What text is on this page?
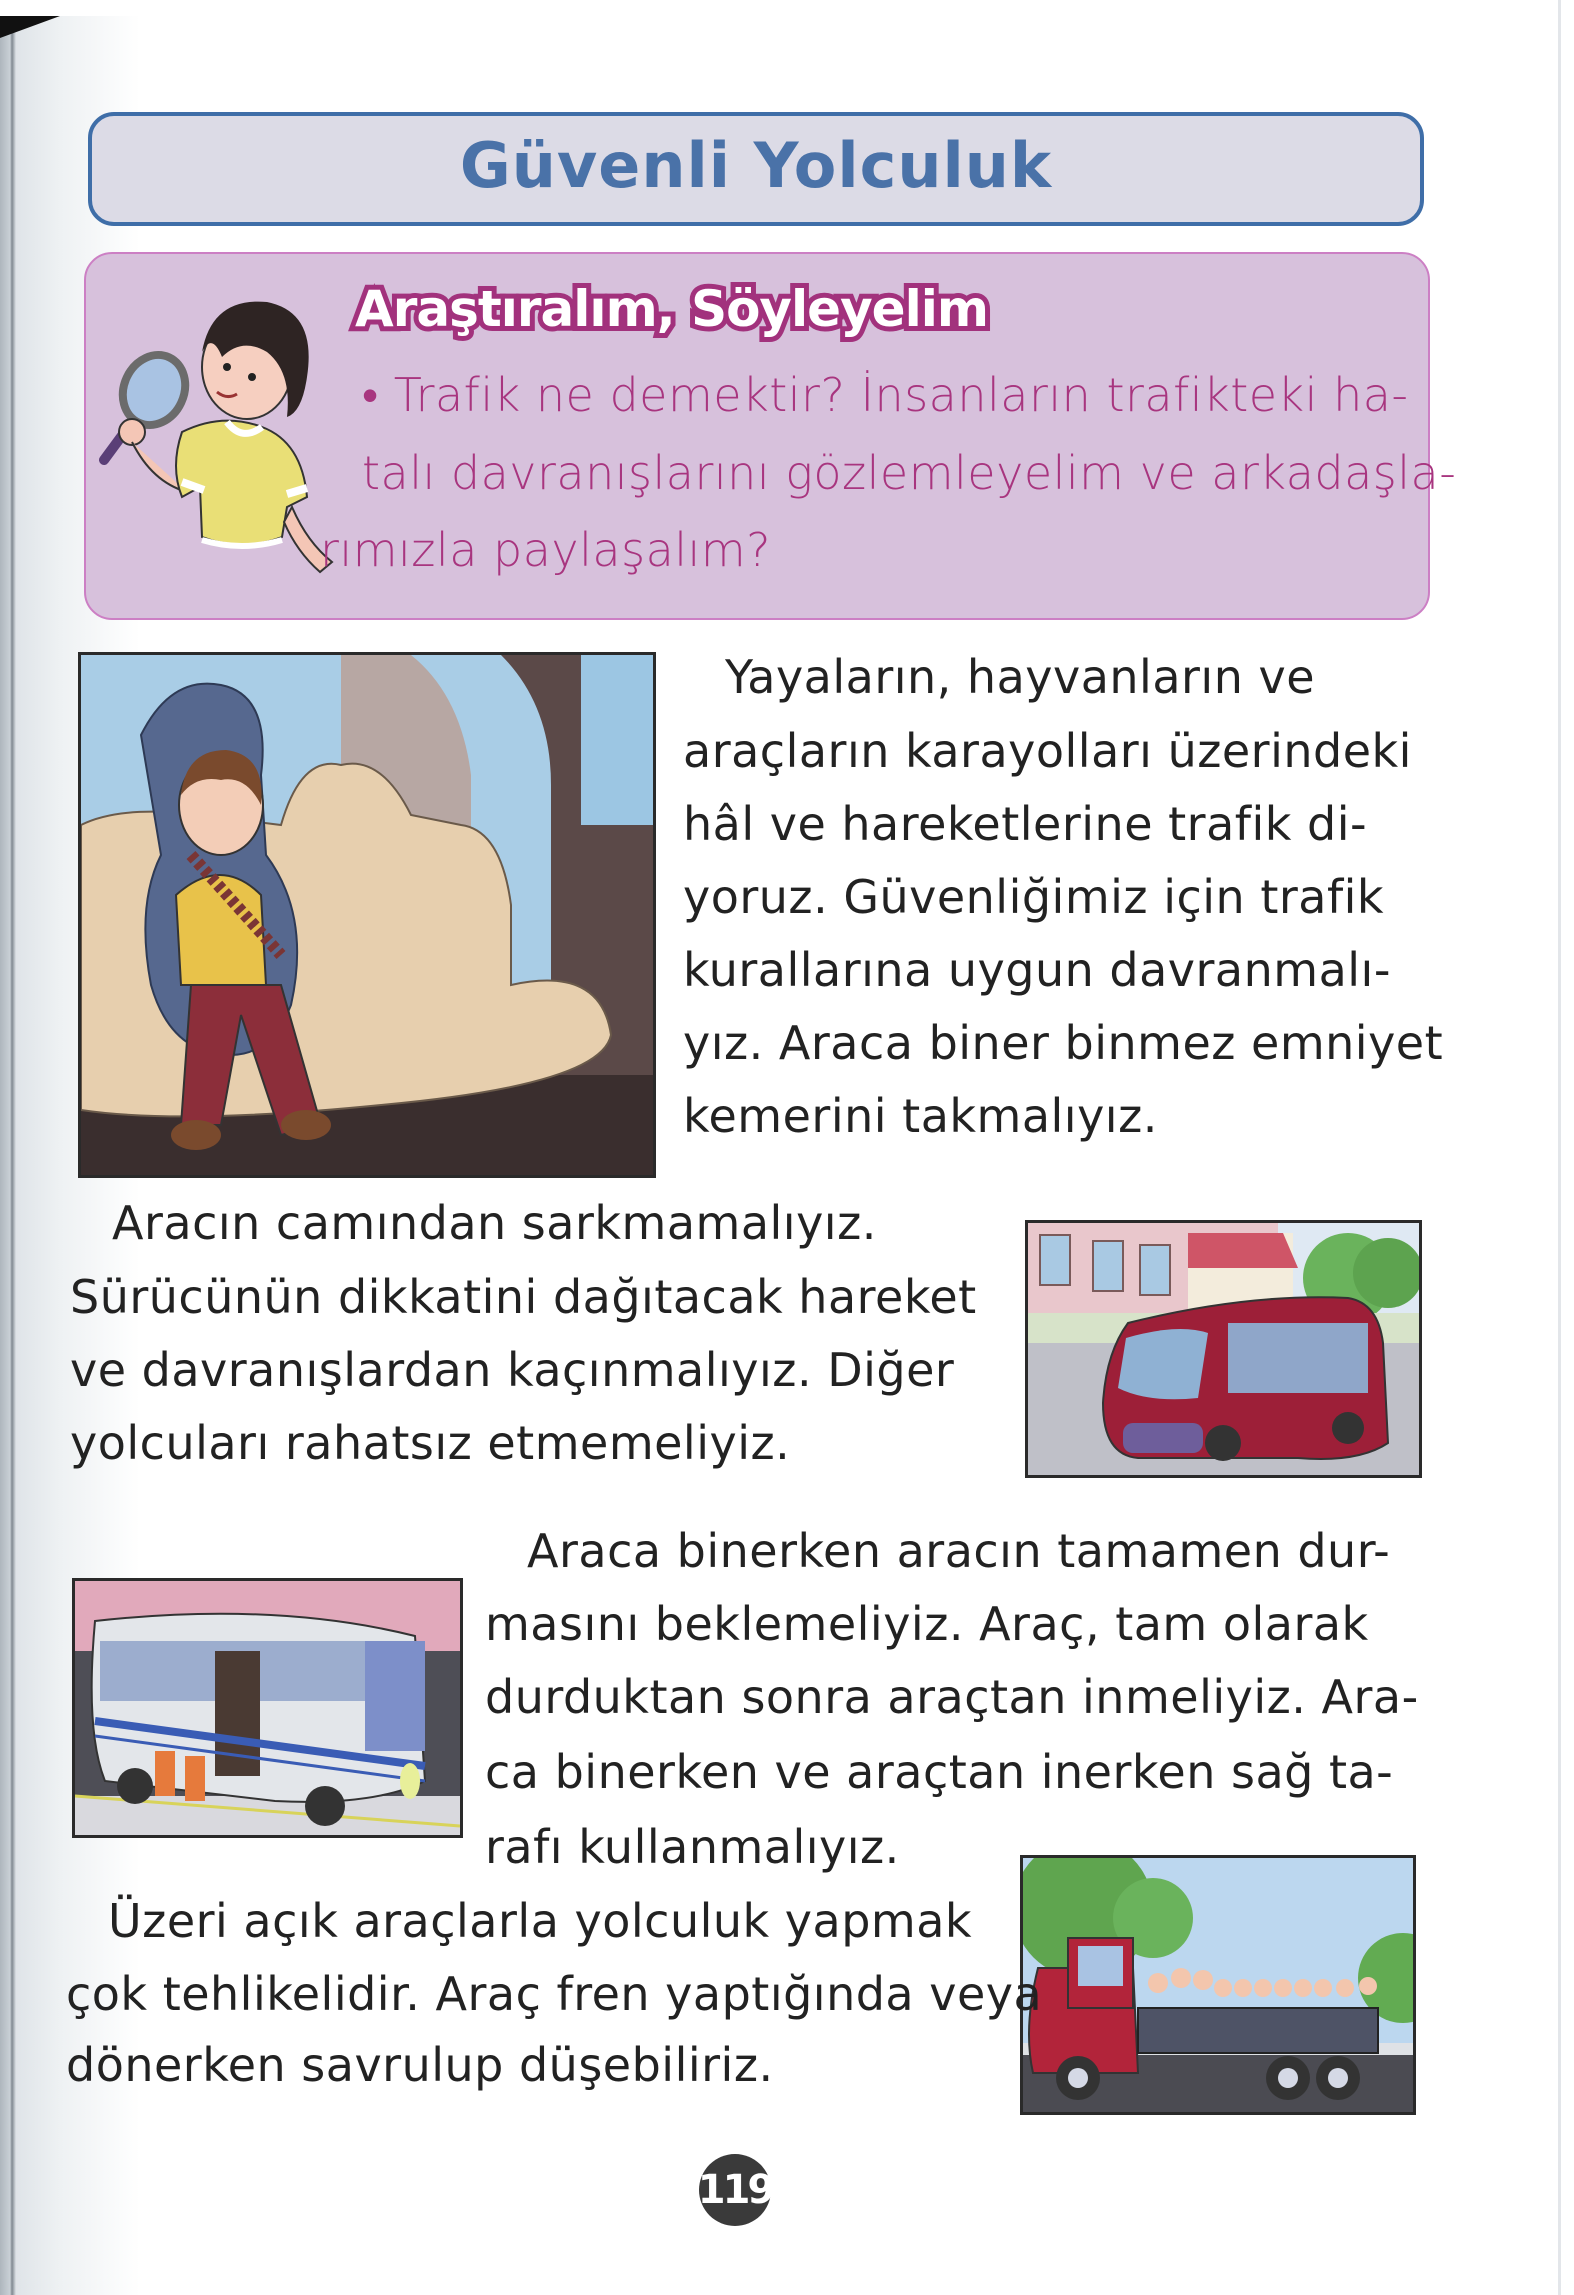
Güvenli Yolculuk
Araştıralım, Söyleyelim
• Trafik ne demektir? İnsanların trafikteki ha-
talı davranışlarını gözlemleyelim ve arkadaşla-
rımızla paylaşalım?
Yayaların, hayvanların ve
araçların karayolları üzerindeki
hâl ve hareketlerine trafik di-
yoruz. Güvenliğimiz için trafik
kurallarına uygun davranmalı-
yız. Araca biner binmez emniyet
kemerini takmalıyız.
Aracın camından sarkmamalıyız.
Sürücünün dikkatini dağıtacak hareket
ve davranışlardan kaçınmalıyız. Diğer
yolcuları rahatsız etmemeliyiz.
Araca binerken aracın tamamen dur-
masını beklemeliyiz. Araç, tam olarak
durduktan sonra araçtan inmeliyiz. Ara-
ca binerken ve araçtan inerken sağ ta-
rafı kullanmalıyız.
Üzeri açık araçlarla yolculuk yapmak
çok tehlikelidir. Araç fren yaptığında veya
dönerken savrulup düşebiliriz.
119
